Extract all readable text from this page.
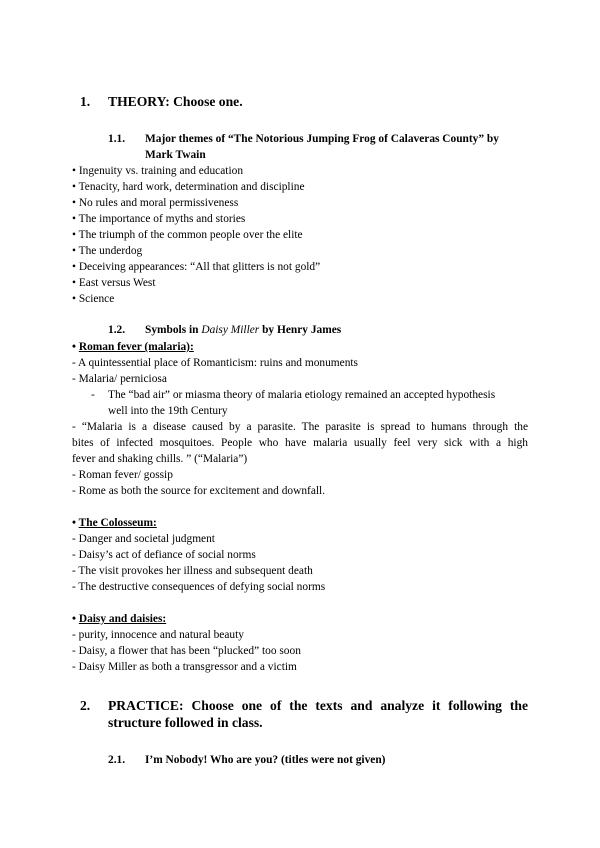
1. THEORY: Choose one.
1.1. Major themes of “The Notorious Jumping Frog of Calaveras County” by
Mark Twain
• Ingenuity vs. training and education
• Tenacity, hard work, determination and discipline
• No rules and moral permissiveness
• The importance of myths and stories
• The triumph of the common people over the elite
• The underdog
• Deceiving appearances: “All that glitters is not gold”
• East versus West
• Science
1.2. Symbols in Daisy Miller by Henry James
• Roman fever (malaria):
- A quintessential place of Romanticism: ruins and monuments
- Malaria/ perniciosa
- The “bad air” or miasma theory of malaria etiology remained an accepted hypothesis
well into the 19th Century
- “Malaria is a disease caused by a parasite. The parasite is spread to humans through the
bites of infected mosquitoes. People who have malaria usually feel very sick with a high
fever and shaking chills. ” (“Malaria”)
- Roman fever/ gossip
- Rome as both the source for excitement and downfall.
• The Colosseum:
- Danger and societal judgment
- Daisy’s act of defiance of social norms
- The visit provokes her illness and subsequent death
- The destructive consequences of defying social norms
• Daisy and daisies:
- purity, innocence and natural beauty
- Daisy, a flower that has been “plucked” too soon
- Daisy Miller as both a transgressor and a victim
2. PRACTICE: Choose one of the texts and analyze it following the
structure followed in class.
2.1. I’m Nobody! Who are you? (titles were not given)
